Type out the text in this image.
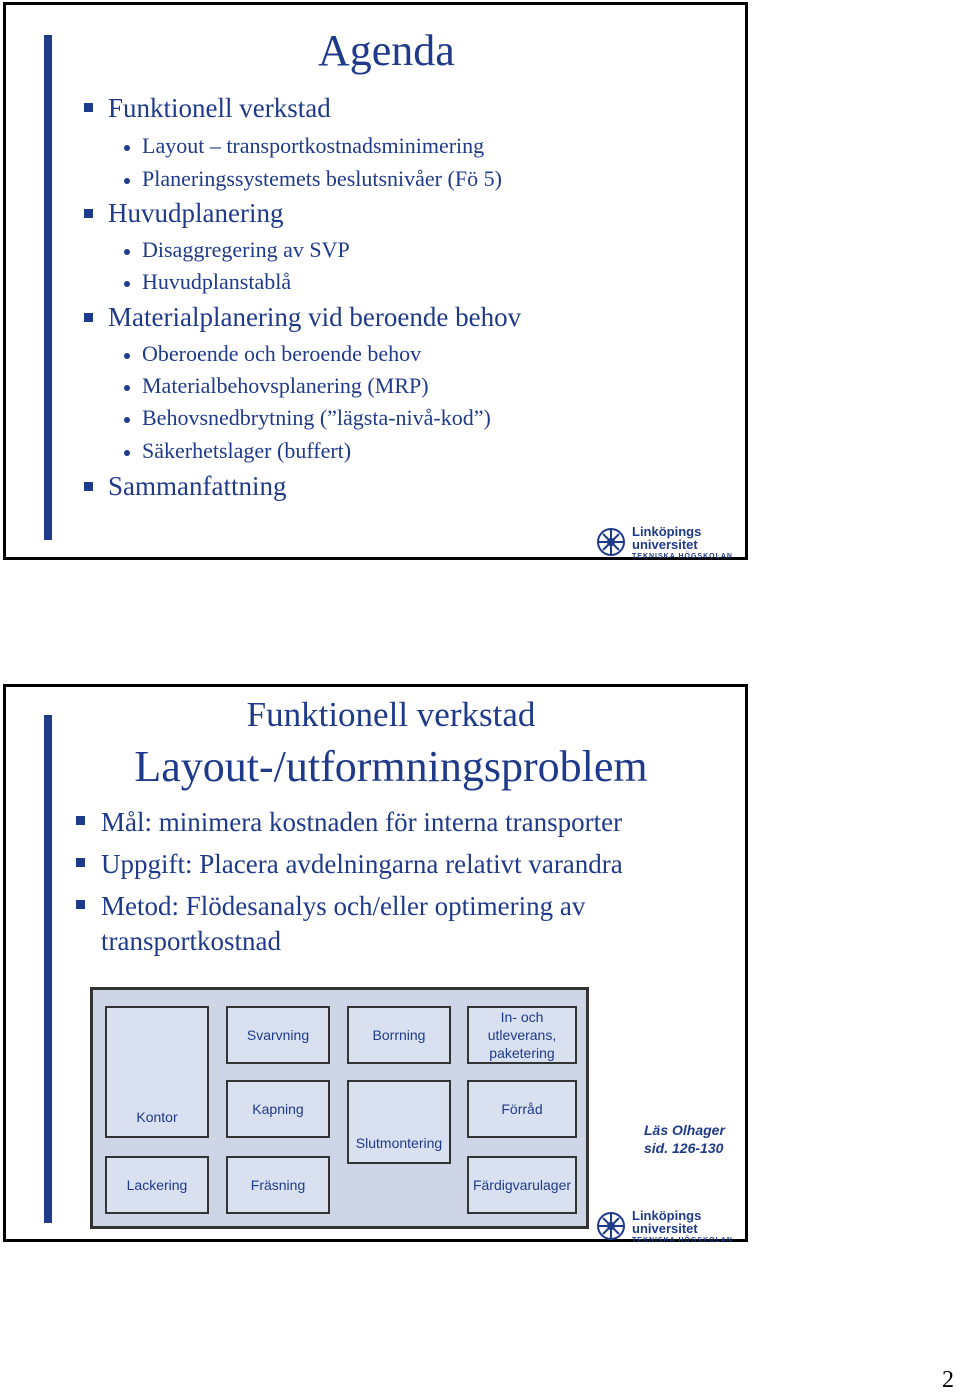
Agenda
Funktionell verkstad
Layout – transportkostnadsminimering
Planeringssystemets beslutsnivåer (Fö 5)
Huvudplanering
Disaggregering av SVP
Huvudplanstablå
Materialplanering vid beroende behov
Oberoende och beroende behov
Materialbehovsplanering (MRP)
Behovsnedbrytning (”lägsta-nivå-kod”)
Säkerhetslager (buffert)
Sammanfattning
Linköpings universitet
TEKNISKA HÖGSKOLAN
Funktionell verkstad
Layout-/utformningsproblem
Mål: minimera kostnaden för interna transporter
Uppgift: Placera avdelningarna relativt varandra
Metod: Flödesanalys och/eller optimering av
transportkostnad
Kontor
Svarvning	Borrning
In- och utleverans, paketering
Kapning
Slutmontering
Förråd
Lackering	Fräsning	Färdigvarulager
Läs Olhager
sid. 126-130
Linköpings universitet
TEKNISKA HÖGSKOLAN
2
